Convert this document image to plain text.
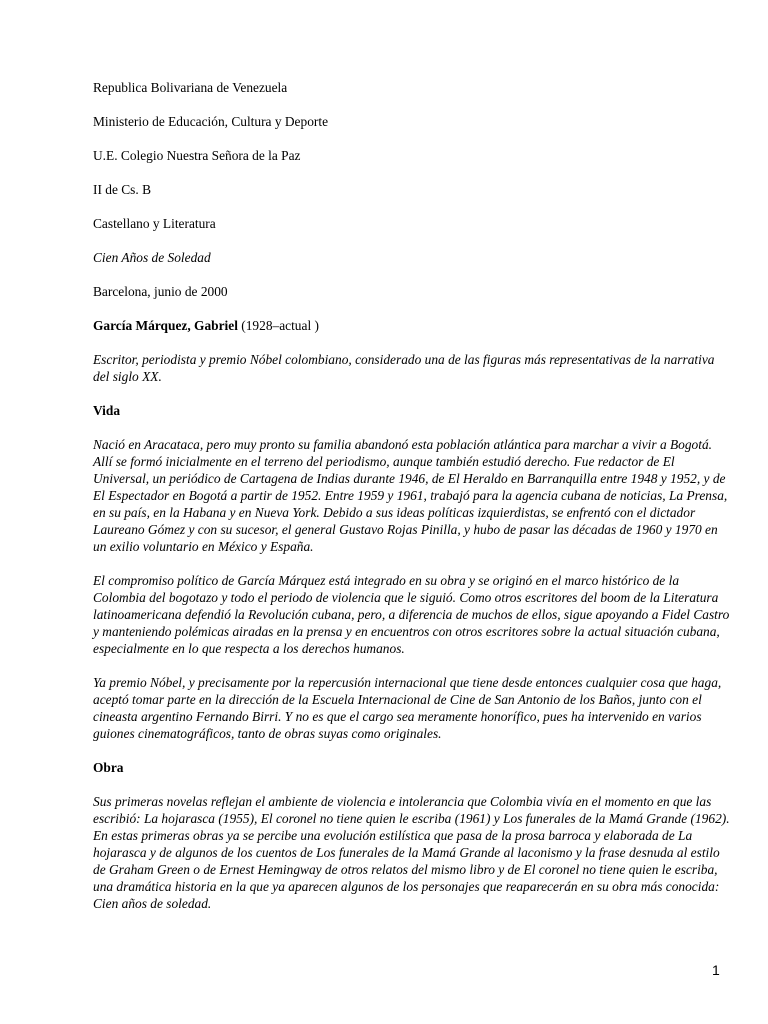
Republica Bolivariana de Venezuela

Ministerio de Educación, Cultura y Deporte

U.E. Colegio Nuestra Señora de la Paz

II de Cs. B

Castellano y Literatura

Cien Años de Soledad

Barcelona, junio de 2000

García Márquez, Gabriel (1928–actual )

Escritor, periodista y premio Nóbel colombiano, considerado una de las figuras más representativas de la narrativa del siglo XX.

Vida

Nació en Aracataca, pero muy pronto su familia abandonó esta población atlántica para marchar a vivir a Bogotá. Allí se formó inicialmente en el terreno del periodismo, aunque también estudió derecho. Fue redactor de El Universal, un periódico de Cartagena de Indias durante 1946, de El Heraldo en Barranquilla entre 1948 y 1952, y de El Espectador en Bogotá a partir de 1952. Entre 1959 y 1961, trabajó para la agencia cubana de noticias, La Prensa, en su país, en la Habana y en Nueva York. Debido a sus ideas políticas izquierdistas, se enfrentó con el dictador Laureano Gómez y con su sucesor, el general Gustavo Rojas Pinilla, y hubo de pasar las décadas de 1960 y 1970 en un exilio voluntario en México y España.

El compromiso político de García Márquez está integrado en su obra y se originó en el marco histórico de la Colombia del bogotazo y todo el periodo de violencia que le siguió. Como otros escritores del boom de la Literatura latinoamericana defendió la Revolución cubana, pero, a diferencia de muchos de ellos, sigue apoyando a Fidel Castro y manteniendo polémicas airadas en la prensa y en encuentros con otros escritores sobre la actual situación cubana, especialmente en lo que respecta a los derechos humanos.

Ya premio Nóbel, y precisamente por la repercusión internacional que tiene desde entonces cualquier cosa que haga, aceptó tomar parte en la dirección de la Escuela Internacional de Cine de San Antonio de los Baños, junto con el cineasta argentino Fernando Birri. Y no es que el cargo sea meramente honorífico, pues ha intervenido en varios guiones cinematográficos, tanto de obras suyas como originales.

Obra

Sus primeras novelas reflejan el ambiente de violencia e intolerancia que Colombia vivía en el momento en que las escribió: La hojarasca (1955), El coronel no tiene quien le escriba (1961) y Los funerales de la Mamá Grande (1962). En estas primeras obras ya se percibe una evolución estilística que pasa de la prosa barroca y elaborada de La hojarasca y de algunos de los cuentos de Los funerales de la Mamá Grande al laconismo y la frase desnuda al estilo de Graham Green o de Ernest Hemingway de otros relatos del mismo libro y de El coronel no tiene quien le escriba, una dramática historia en la que ya aparecen algunos de los personajes que reaparecerán en su obra más conocida: Cien años de soledad.

1
